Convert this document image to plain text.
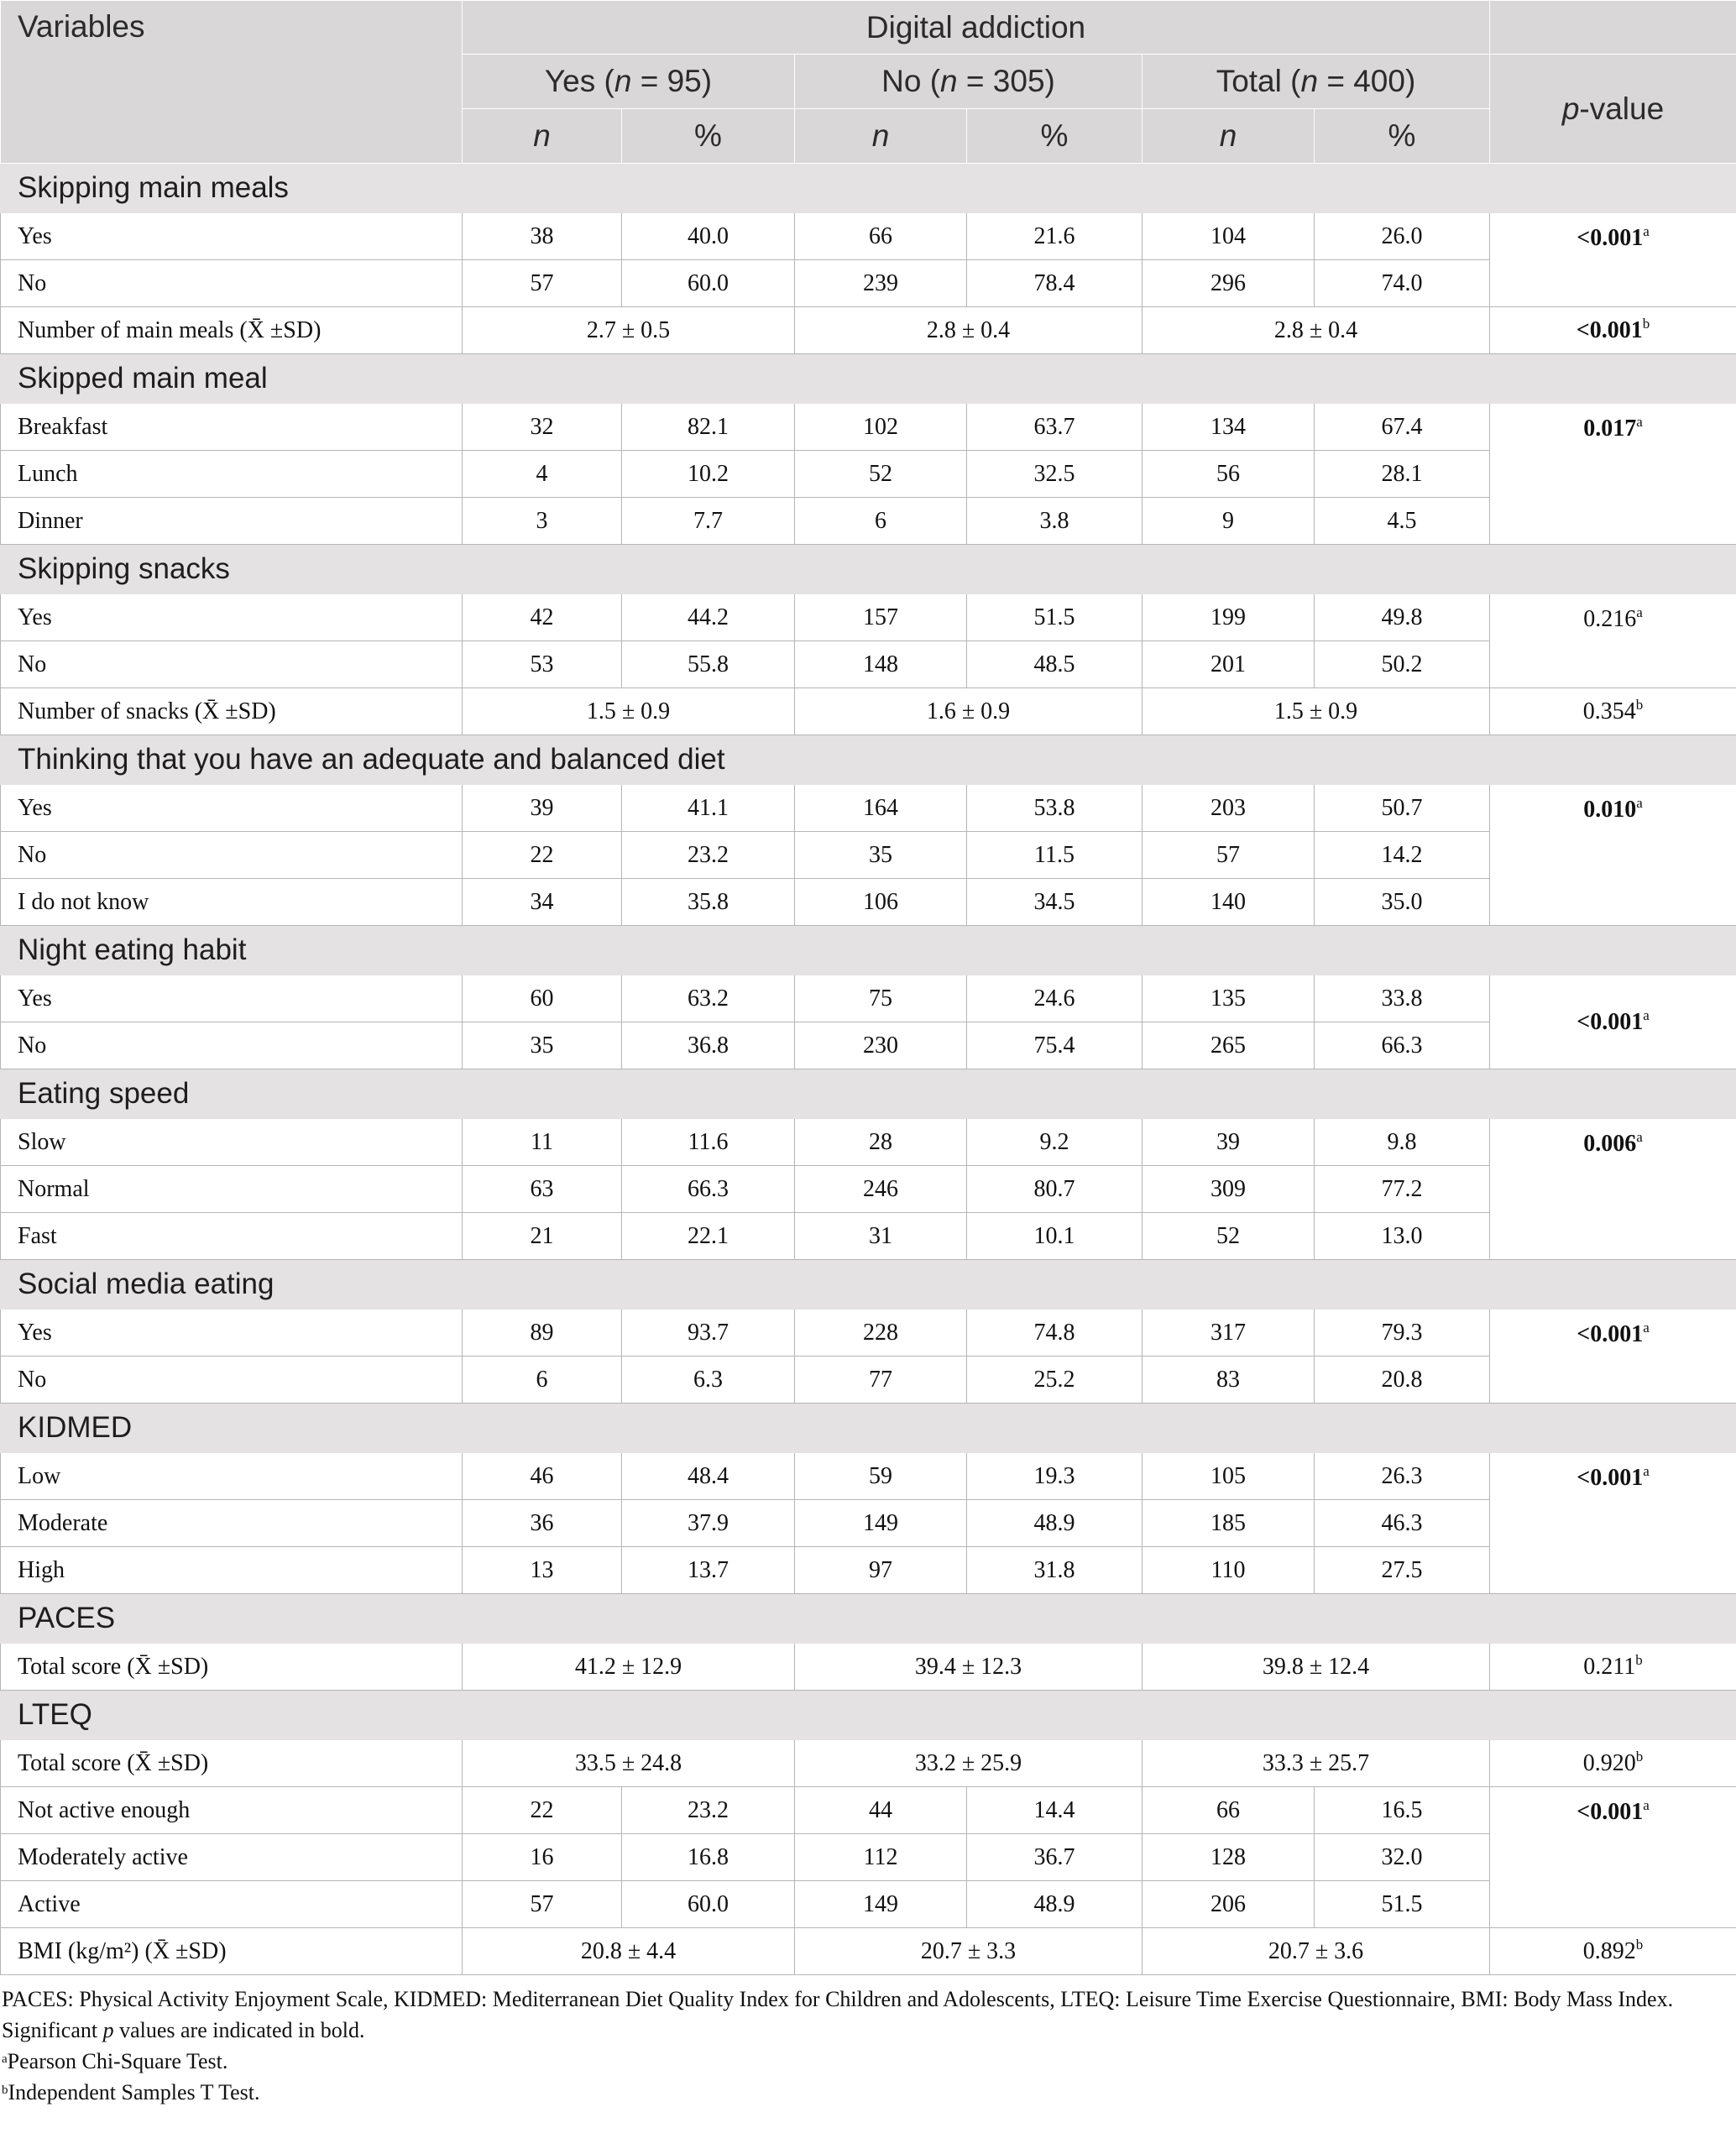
Variables	Digital addiction						
	Yes (n = 95)		No (n = 305)		Total (n = 400)		p-value
	n	%	n	%	n	%	
Skipping main meals							
Yes	38	40.0	66	21.6	104	26.0	<0.001$^a$
No	57	60.0	239	78.4	296	74.0	
Number of main meals (X̄ ±SD)	2.7 ± 0.5		2.8 ± 0.4		2.8 ± 0.4		<0.001$^b$
Skipped main meal							
Breakfast	32	82.1	102	63.7	134	67.4	0.017$^a$
Lunch	4	10.2	52	32.5	56	28.1	
Dinner	3	7.7	6	3.8	9	4.5	
Skipping snacks							
Yes	42	44.2	157	51.5	199	49.8	0.216$^a$
No	53	55.8	148	48.5	201	50.2	
Number of snacks (X̄ ±SD)	1.5 ± 0.9		1.6 ± 0.9		1.5 ± 0.9		0.354$^b$
Thinking that you have an adequate and balanced diet							
Yes	39	41.1	164	53.8	203	50.7	0.010$^a$
No	22	23.2	35	11.5	57	14.2	
I do not know	34	35.8	106	34.5	140	35.0	
Night eating habit							
Yes	60	63.2	75	24.6	135	33.8	<0.001$^a$
No	35	36.8	230	75.4	265	66.3	
Eating speed							
Slow	11	11.6	28	9.2	39	9.8	0.006$^a$
Normal	63	66.3	246	80.7	309	77.2	
Fast	21	22.1	31	10.1	52	13.0	
Social media eating							
Yes	89	93.7	228	74.8	317	79.3	<0.001$^a$
No	6	6.3	77	25.2	83	20.8	
KIDMED							
Low	46	48.4	59	19.3	105	26.3	<0.001$^a$
Moderate	36	37.9	149	48.9	185	46.3	
High	13	13.7	97	31.8	110	27.5	
PACES							
Total score (X̄ ±SD)	41.2 ± 12.9		39.4 ± 12.3		39.8 ± 12.4		0.211$^b$
LTEQ							
Total score (X̄ ±SD)	33.5 ± 24.8		33.2 ± 25.9		33.3 ± 25.7		0.920$^b$
Not active enough	22	23.2	44	14.4	66	16.5	<0.001$^a$
Moderately active	16	16.8	112	36.7	128	32.0	
Active	57	60.0	149	48.9	206	51.5	
BMI (kg/m²) (X̄ ±SD)	20.8 ± 4.4		20.7 ± 3.3		20.7 ± 3.6		0.892$^b$
PACES: Physical Activity Enjoyment Scale, KIDMED: Mediterranean Diet Quality Index for Children and Adolescents, LTEQ: Leisure Time Exercise Questionnaire, BMI: Body Mass Index.
Significant p values are indicated in bold.
$^a$Pearson Chi-Square Test.
$^b$Independent Samples T Test.
